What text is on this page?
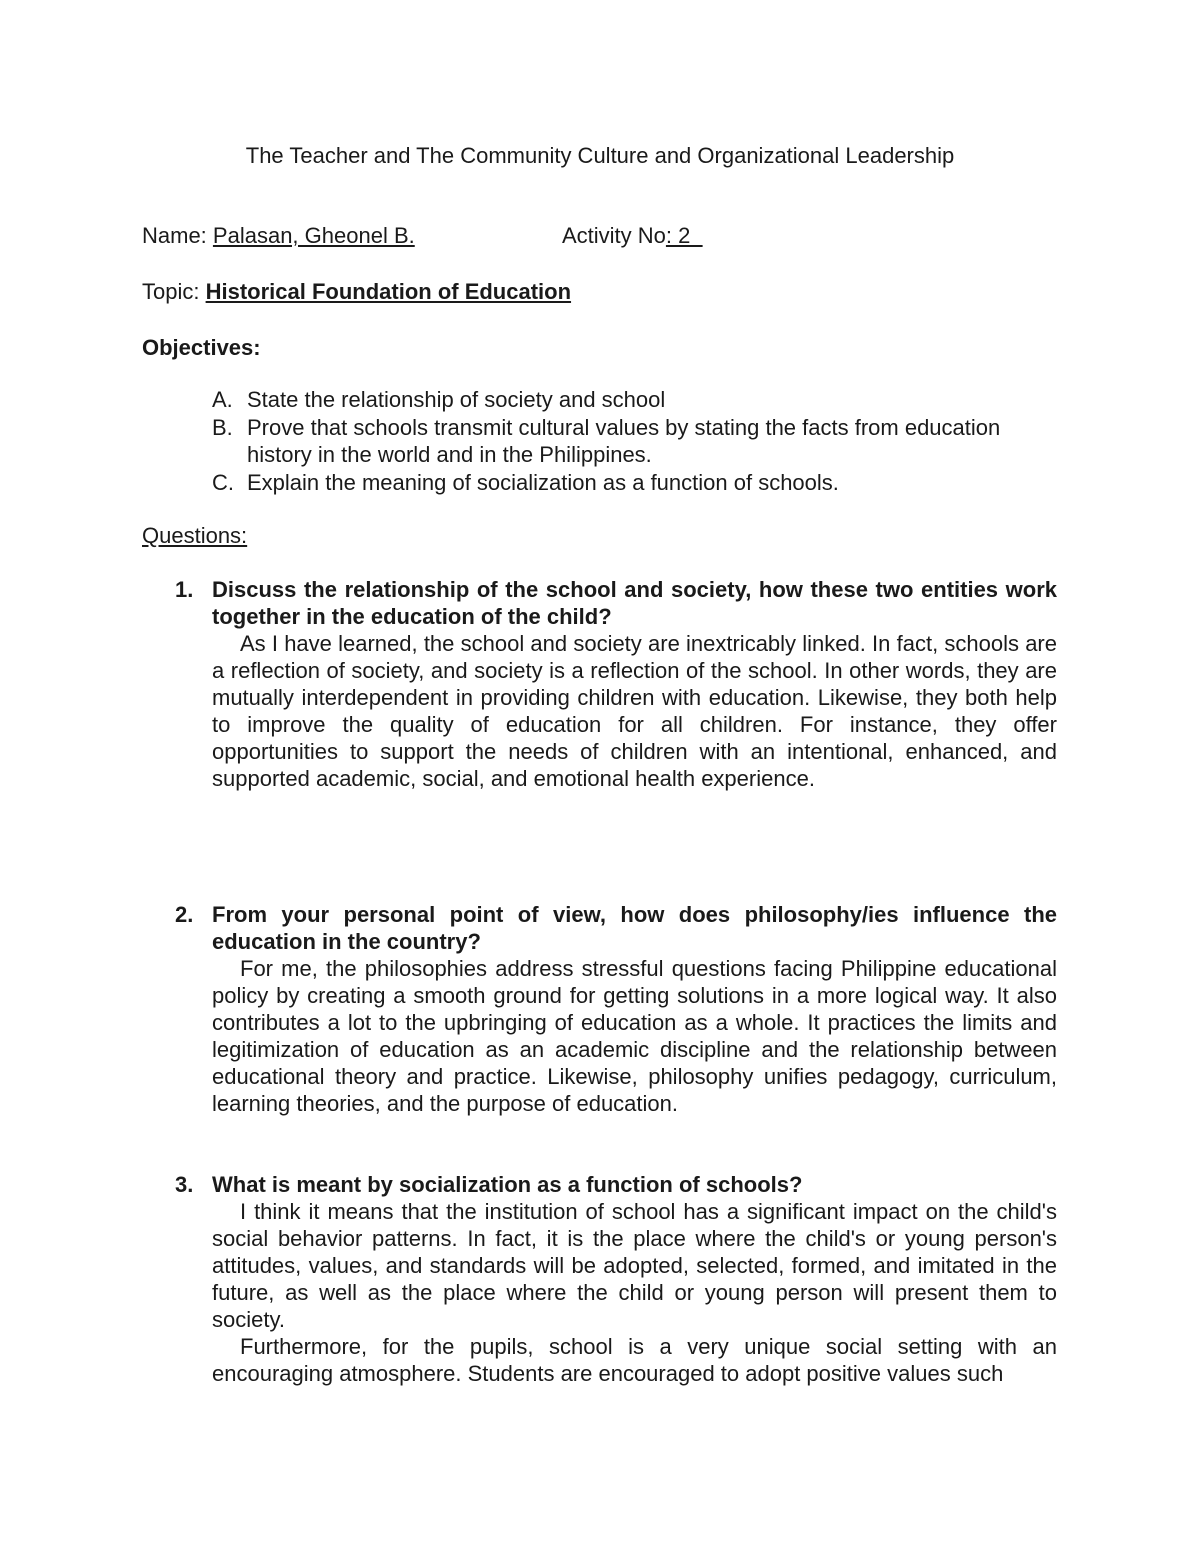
The Teacher and The Community Culture and Organizational Leadership
Name: Palasan, Gheonel B.	Activity No: 2
Topic: Historical Foundation of Education
Objectives:
A. State the relationship of society and school
B. Prove that schools transmit cultural values by stating the facts from education history in the world and in the Philippines.
C. Explain the meaning of socialization as a function of schools.
Questions:
1. Discuss the relationship of the school and society, how these two entities work together in the education of the child?
As I have learned, the school and society are inextricably linked. In fact, schools are a reflection of society, and society is a reflection of the school. In other words, they are mutually interdependent in providing children with education. Likewise, they both help to improve the quality of education for all children. For instance, they offer opportunities to support the needs of children with an intentional, enhanced, and supported academic, social, and emotional health experience.
2. From your personal point of view, how does philosophy/ies influence the education in the country?
For me, the philosophies address stressful questions facing Philippine educational policy by creating a smooth ground for getting solutions in a more logical way. It also contributes a lot to the upbringing of education as a whole. It practices the limits and legitimization of education as an academic discipline and the relationship between educational theory and practice. Likewise, philosophy unifies pedagogy, curriculum, learning theories, and the purpose of education.
3. What is meant by socialization as a function of schools?
I think it means that the institution of school has a significant impact on the child's social behavior patterns. In fact, it is the place where the child's or young person's attitudes, values, and standards will be adopted, selected, formed, and imitated in the future, as well as the place where the child or young person will present them to society.
Furthermore, for the pupils, school is a very unique social setting with an encouraging atmosphere. Students are encouraged to adopt positive values such
